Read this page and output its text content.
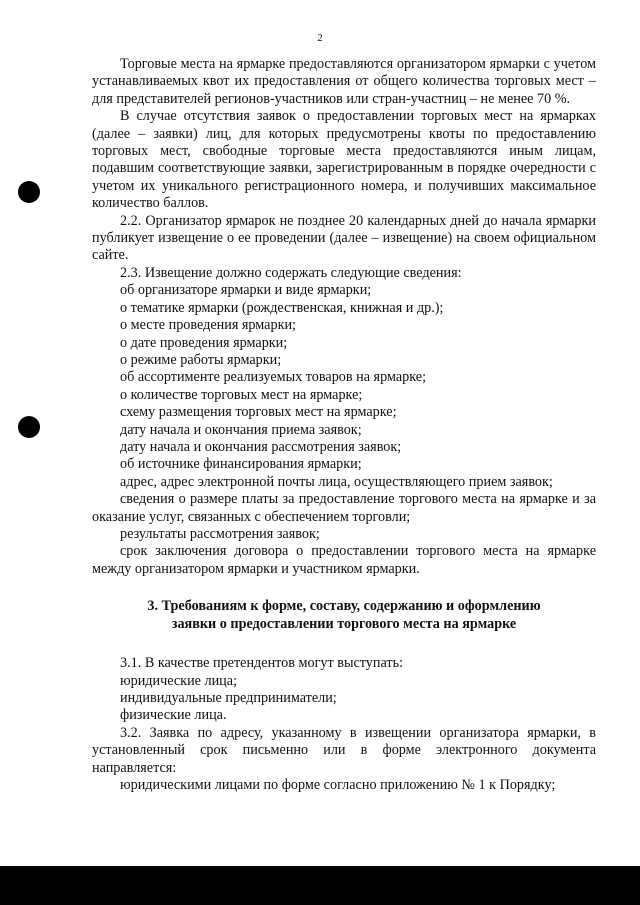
2

Торговые места на ярмарке предоставляются организатором ярмарки с учетом устанавливаемых квот их предоставления от общего количества торговых мест – для представителей регионов-участников или стран-участниц – не менее 70 %.

В случае отсутствия заявок о предоставлении торговых мест на ярмарках (далее – заявки) лиц, для которых предусмотрены квоты по предоставлению торговых мест, свободные торговые места предоставляются иным лицам, подавшим соответствующие заявки, зарегистрированным в порядке очередности с учетом их уникального регистрационного номера, и получивших максимальное количество баллов.

2.2. Организатор ярмарок не позднее 20 календарных дней до начала ярмарки публикует извещение о ее проведении (далее – извещение) на своем официальном сайте.

2.3. Извещение должно содержать следующие сведения:

об организаторе ярмарки и виде ярмарки;

о тематике ярмарки (рождественская, книжная и др.);

о месте проведения ярмарки;

о дате проведения ярмарки;

о режиме работы ярмарки;

об ассортименте реализуемых товаров на ярмарке;

о количестве торговых мест на ярмарке;

схему размещения торговых мест на ярмарке;

дату начала и окончания приема заявок;

дату начала и окончания рассмотрения заявок;

об источнике финансирования ярмарки;

адрес, адрес электронной почты лица, осуществляющего прием заявок;

сведения о размере платы за предоставление торгового места на ярмарке и за оказание услуг, связанных с обеспечением торговли;

результаты рассмотрения заявок;

срок заключения договора о предоставлении торгового места на ярмарке между организатором ярмарки и участником ярмарки.

3. Требованиям к форме, составу, содержанию и оформлению
заявки о предоставлении торгового места на ярмарке

3.1. В качестве претендентов могут выступать:

юридические лица;

индивидуальные предприниматели;

физические лица.

3.2. Заявка по адресу, указанному в извещении организатора ярмарки, в установленный срок письменно или в форме электронного документа направляется:

юридическими лицами по форме согласно приложению № 1 к Порядку;
